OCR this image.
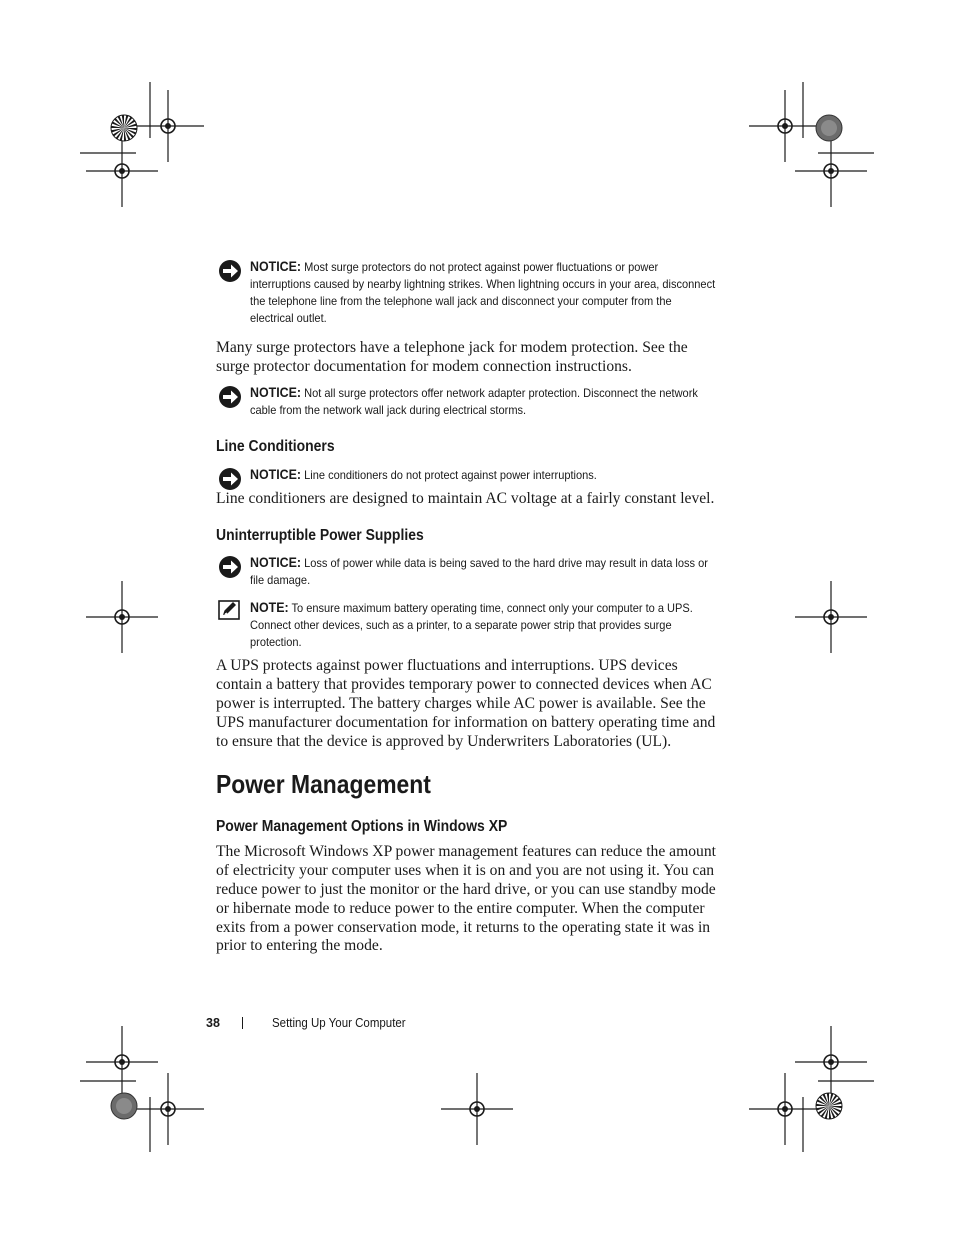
NOTICE: Most surge protectors do not protect against power fluctuations or power interruptions caused by nearby lightning strikes. When lightning occurs in your area, disconnect the telephone line from the telephone wall jack and disconnect your computer from the electrical outlet.

Many surge protectors have a telephone jack for modem protection. See the surge protector documentation for modem connection instructions.

NOTICE: Not all surge protectors offer network adapter protection. Disconnect the network cable from the network wall jack during electrical storms.
Line Conditioners
NOTICE: Line conditioners do not protect against power interruptions.

Line conditioners are designed to maintain AC voltage at a fairly constant level.

Uninterruptible Power Supplies
NOTICE: Loss of power while data is being saved to the hard drive may result in data loss or file damage.
NOTE: To ensure maximum battery operating time, connect only your computer to a UPS. Connect other devices, such as a printer, to a separate power strip that provides surge protection.

A UPS protects against power fluctuations and interruptions. UPS devices contain a battery that provides temporary power to connected devices when AC power is interrupted. The battery charges while AC power is available. See the UPS manufacturer documentation for information on battery operating time and to ensure that the device is approved by Underwriters Laboratories (UL).

Power Management
Power Management Options in Windows XP

The Microsoft Windows XP power management features can reduce the amount of electricity your computer uses when it is on and you are not using it. You can reduce power to just the monitor or the hard drive, or you can use standby mode or hibernate mode to reduce power to the entire computer. When the computer exits from a power conservation mode, it returns to the operating state it was in prior to entering the mode.

38	Setting Up Your Computer
